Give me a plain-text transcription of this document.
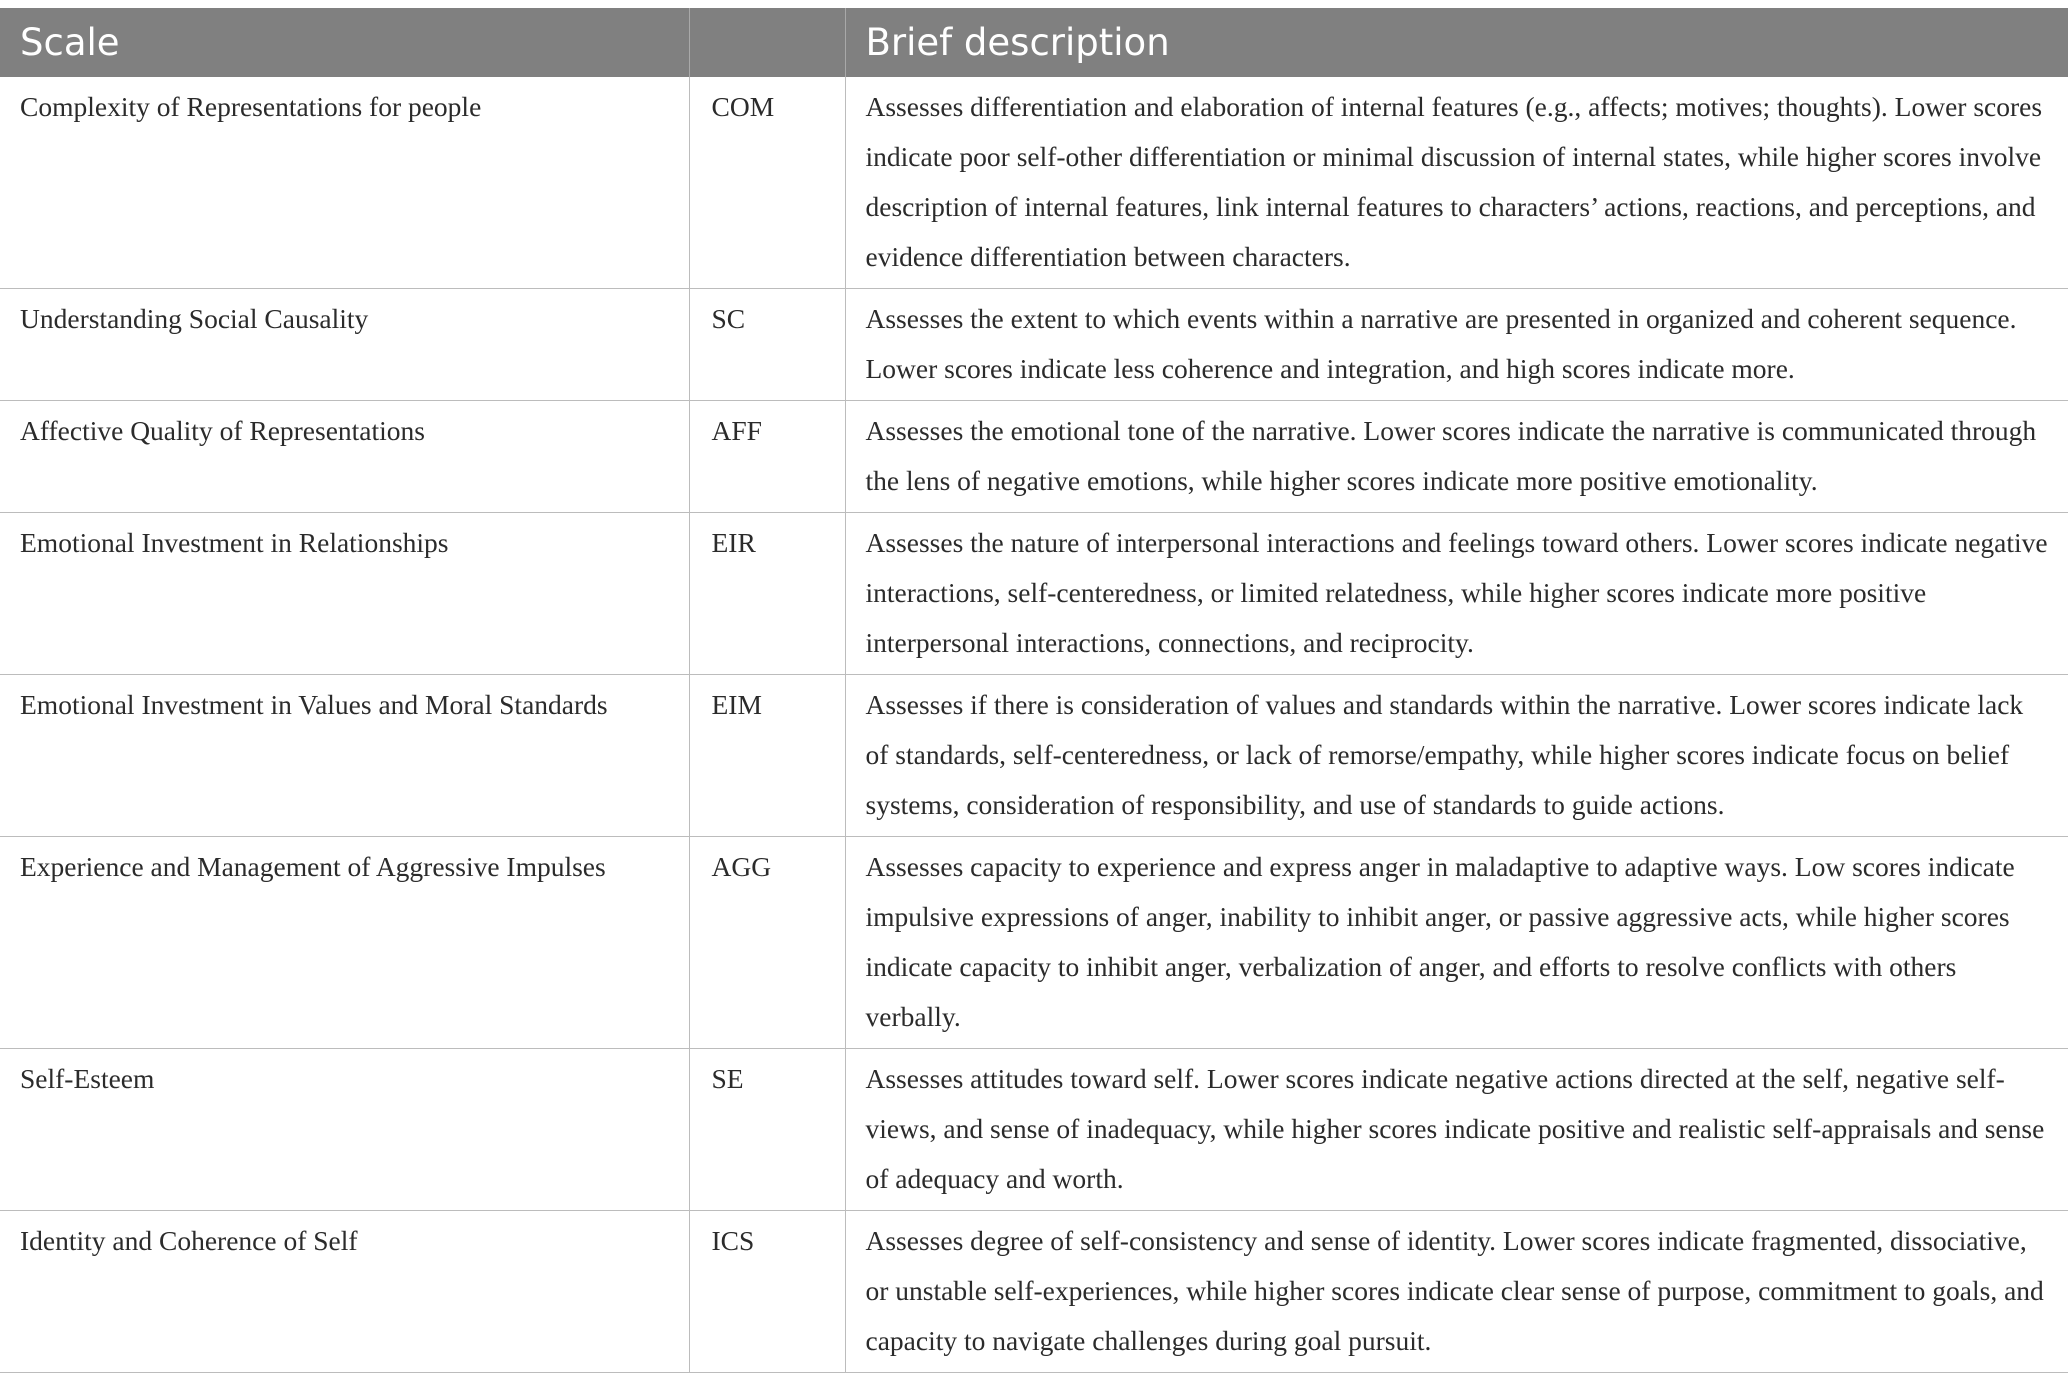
Scale		Brief description
Complexity of Representations for people	COM	Assesses differentiation and elaboration of internal features (e.g., affects; motives; thoughts). Lower scores indicate poor self-other differentiation or minimal discussion of internal states, while higher scores involve description of internal features, link internal features to characters’ actions, reactions, and perceptions, and evidence differentiation between characters.
Understanding Social Causality	SC	Assesses the extent to which events within a narrative are presented in organized and coherent sequence. Lower scores indicate less coherence and integration, and high scores indicate more.
Affective Quality of Representations	AFF	Assesses the emotional tone of the narrative. Lower scores indicate the narrative is communicated through the lens of negative emotions, while higher scores indicate more positive emotionality.
Emotional Investment in Relationships	EIR	Assesses the nature of interpersonal interactions and feelings toward others. Lower scores indicate negative interactions, self-centeredness, or limited relatedness, while higher scores indicate more positive interpersonal interactions, connections, and reciprocity.
Emotional Investment in Values and Moral Standards	EIM	Assesses if there is consideration of values and standards within the narrative. Lower scores indicate lack of standards, self-centeredness, or lack of remorse/empathy, while higher scores indicate focus on belief systems, consideration of responsibility, and use of standards to guide actions.
Experience and Management of Aggressive Impulses	AGG	Assesses capacity to experience and express anger in maladaptive to adaptive ways. Low scores indicate impulsive expressions of anger, inability to inhibit anger, or passive aggressive acts, while higher scores indicate capacity to inhibit anger, verbalization of anger, and efforts to resolve conflicts with others verbally.
Self-Esteem	SE	Assesses attitudes toward self. Lower scores indicate negative actions directed at the self, negative self-views, and sense of inadequacy, while higher scores indicate positive and realistic self-appraisals and sense of adequacy and worth.
Identity and Coherence of Self	ICS	Assesses degree of self-consistency and sense of identity. Lower scores indicate fragmented, dissociative, or unstable self-experiences, while higher scores indicate clear sense of purpose, commitment to goals, and capacity to navigate challenges during goal pursuit.
